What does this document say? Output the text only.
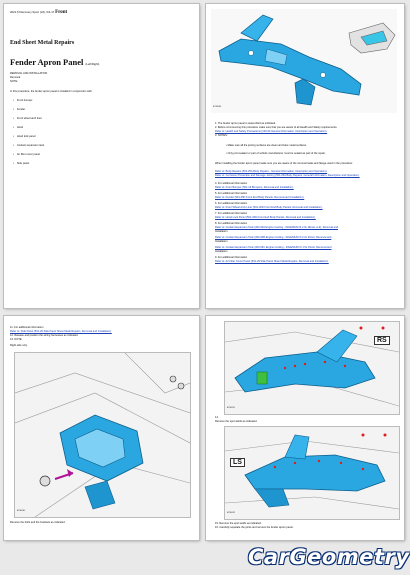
2021.5 Discovery Sport (L8), 6/4-17 Front
End Sheet Metal Repairs
Fender Apron Panel (Left/Right)
REMOVAL AND INSTALLATION
Removal
NOTE:
In this procedure, the fender apron panel is installed in conjunction with:
• Front bumper
• Fender
• Front wheel arch liner
• Hood
• Hood lock panel
• Coolant expansion tank
• Air filter cover panel
• Side panel
E212089
1. The fender apron panel is assembled as indicated.
2. Before commencing this procedure make sure that you are aware of all Health and Safety requirements.
Refer to: Health and Safety Precautions (100-00 General Information, Description and Operation).
3. NOTES:
• Make sure all the joining surfaces are clean and bare metal surfaces.
• Only joint sealant or part of vehicle manufacturer must be sealed as part of the repair.
When installing the fender apron panel make sure you are aware of the removal tasks and flange-used in the procedure:
Refer to: Body Repairs (501-25A Body Repairs - General Information, Description and Operation).
Refer to: Corrosion Prevention and Damage Joining (501-25A Body Repairs, General Information, Description and Operation).
4. For additional information
Refer to: Front Bumper (501-19 Bumpers, Removal and Installation).
5. For additional information
Refer to: Fender (501-25D Front End Body Panels, Removal and Installation).
6. For additional information
Refer to: Front Wheel Arch Liner (501-02D Front End Body Panels, Removal and Installation).
7. For additional information
Refer to: Hood Lock Panel (501-02D Front End Body Panels, Removal and Installation).
8. For additional information
Refer to: Coolant Expansion Tank (303-03A Engine Cooling - INGENIUM I4 2.0L Diesel, A-Z), Removal and
Installation
Refer to: Coolant Expansion Tank (303-03B Engine Cooling - INGENIUM I4 2.0L Petrol, Removal and
Installation
Refer to: Coolant Expansion Tank (303-03C Engine Cooling - INGENIUM I3 1.5L Petrol, Removal and
Installation
9. For additional information
Refer to: Air Filter Cover Panel (501-29 Side Panel Sheet Metal Repairs, Removal and Installation).
11. For additional information
Refer to: Side Panel (501-29 Side Panel Sheet Metal Repairs, Removal and Installation).
12. Release and position the wiring harnesses as indicated.
13. NOTE:
Right side only.
E211030
Remove the bolts and the brackets as indicated.
E211031
RS
14.
Remove the spot welds as indicated.
E211032
LS
15. Remove the spot welds as indicated.
16. Carefully separate the joints and remove the fender apron panel.
CarGeometry
